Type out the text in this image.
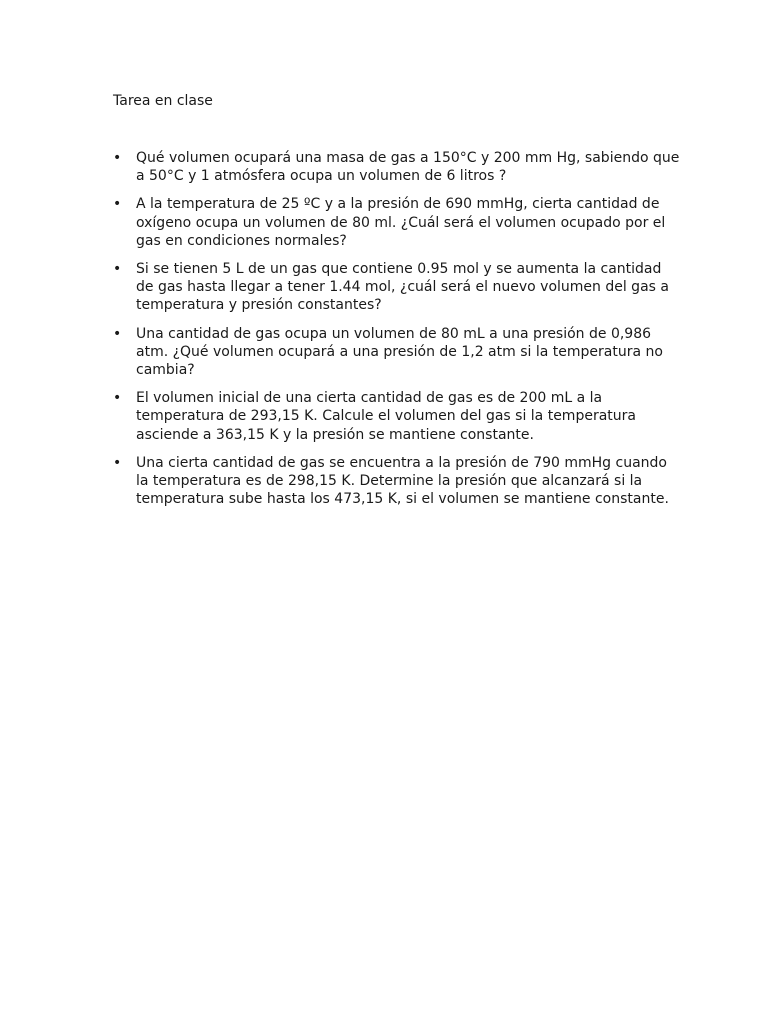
Tarea en clase
•	Qué volumen ocupará una masa de gas a 150°C y 200 mm Hg, sabiendo que a 50°C y 1 atmósfera ocupa un volumen de 6 litros ?
•	A la temperatura de 25 ºC y a la presión de 690 mmHg, cierta cantidad de oxígeno ocupa un volumen de 80 ml. ¿Cuál será el volumen ocupado por el gas en condiciones normales?
•	Si se tienen 5 L de un gas que contiene 0.95 mol y se aumenta la cantidad de gas hasta llegar a tener 1.44 mol, ¿cuál será el nuevo volumen del gas a temperatura y presión constantes?
•	Una cantidad de gas ocupa un volumen de 80 mL a una presión de 0,986 atm. ¿Qué volumen ocupará a una presión de 1,2 atm si la temperatura no cambia?
•	El volumen inicial de una cierta cantidad de gas es de 200 mL a la temperatura de 293,15 K. Calcule el volumen del gas si la temperatura asciende a 363,15 K y la presión se mantiene constante.
•	Una cierta cantidad de gas se encuentra a la presión de 790 mmHg cuando la temperatura es de 298,15 K. Determine la presión que alcanzará si la temperatura sube hasta los 473,15 K, si el volumen se mantiene constante.
